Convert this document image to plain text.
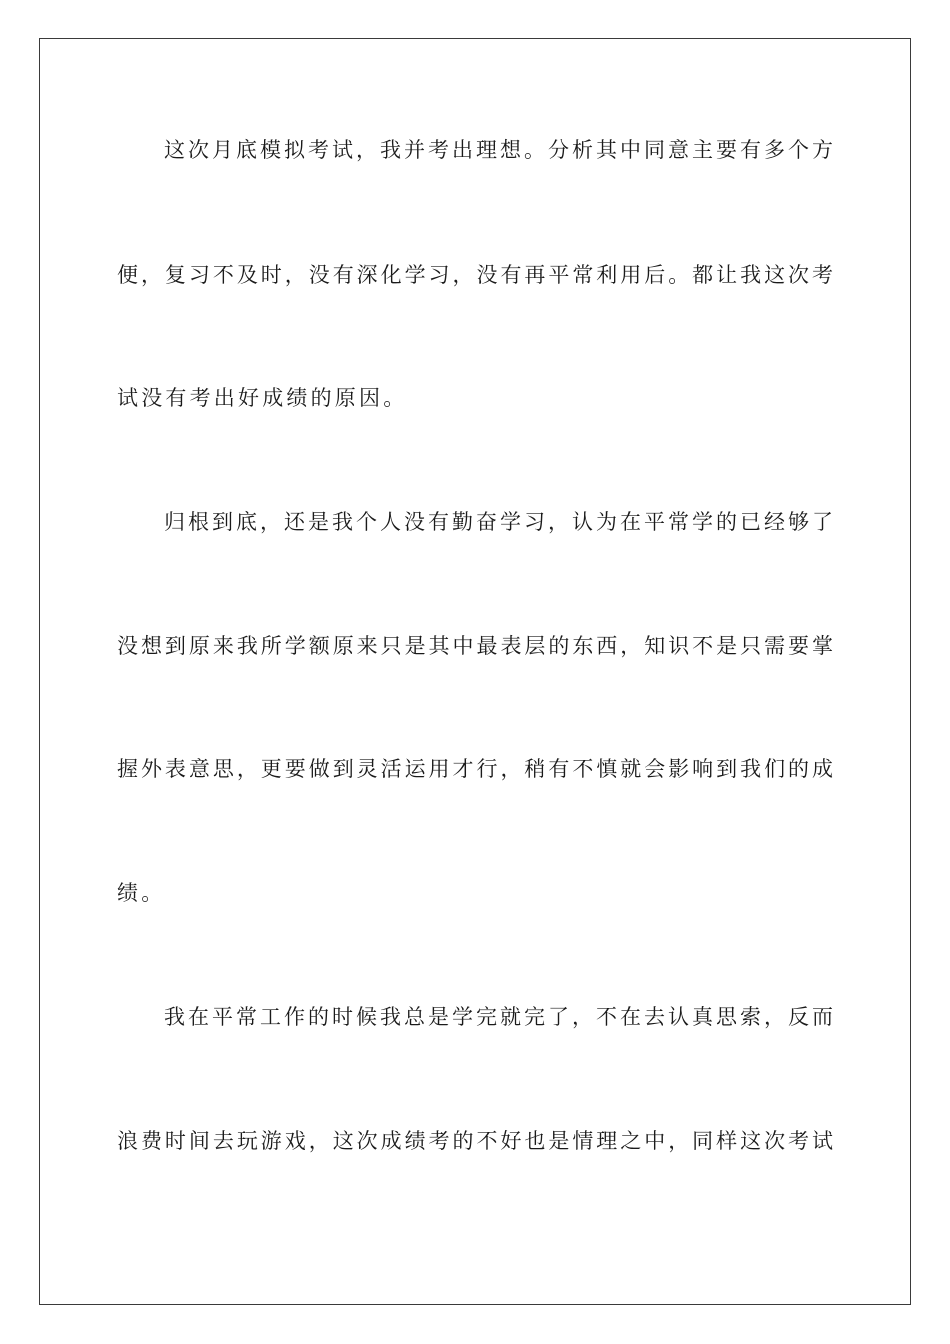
这次月底模拟考试，我并考出理想。分析其中同意主要有多个方
便，复习不及时，没有深化学习，没有再平常利用后。都让我这次考
试没有考出好成绩的原因。
归根到底，还是我个人没有勤奋学习，认为在平常学的已经够了
没想到原来我所学额原来只是其中最表层的东西，知识不是只需要掌
握外表意思，更要做到灵活运用才行，稍有不慎就会影响到我们的成
绩。
我在平常工作的时候我总是学完就完了，不在去认真思索，反而
浪费时间去玩游戏，这次成绩考的不好也是情理之中，同样这次考试
